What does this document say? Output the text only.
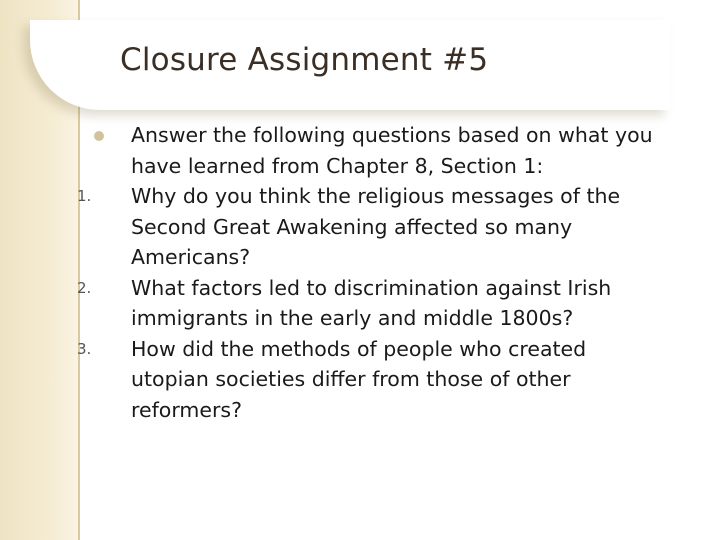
Closure Assignment #5
Answer the following questions based on what you
have learned from Chapter 8, Section 1:
1.	Why do you think the religious messages of the
Second Great Awakening affected so many
Americans?
2.	What factors led to discrimination against Irish
immigrants in the early and middle 1800s?
3.	How did the methods of people who created
utopian societies differ from those of other
reformers?
